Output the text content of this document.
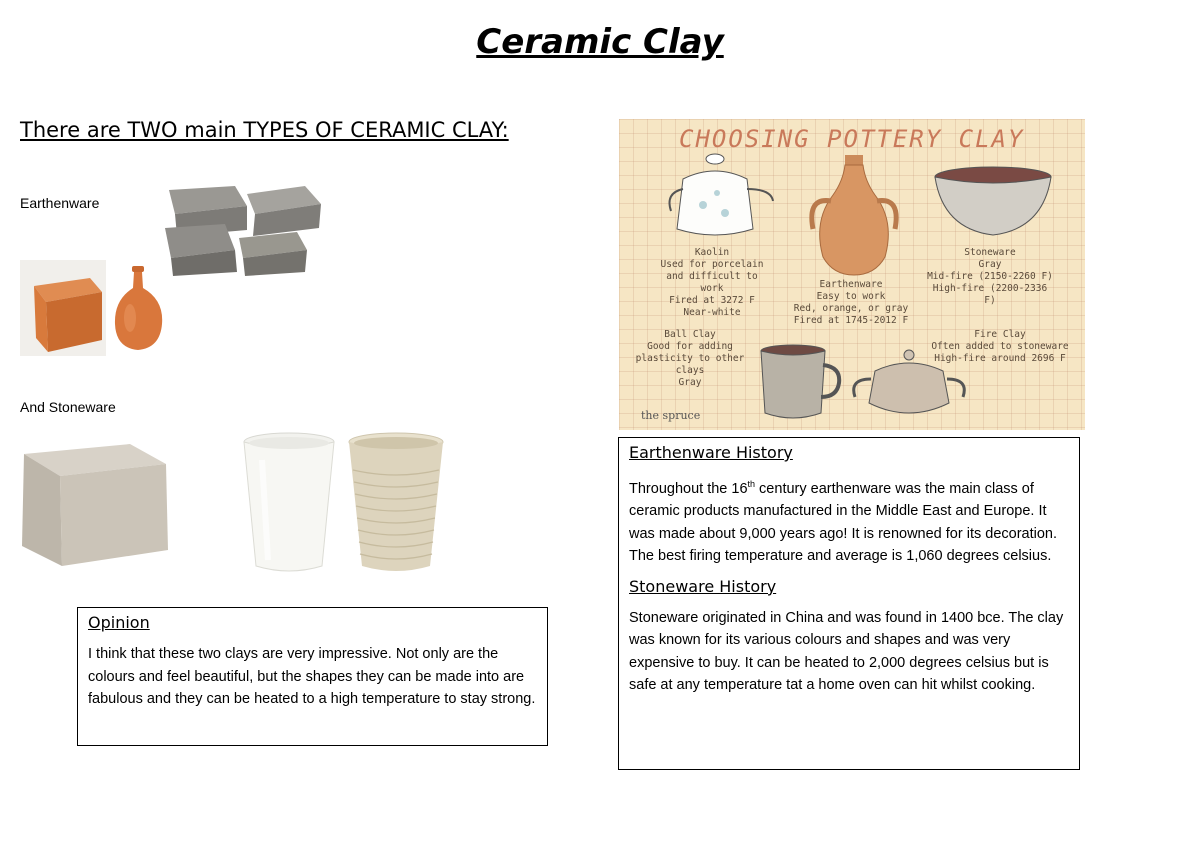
Ceramic Clay
There are TWO main TYPES OF CERAMIC CLAY:
Earthenware
And Stoneware
Opinion
I think that these two clays are very impressive. Not only are the colours and feel beautiful, but the shapes they can be made into are fabulous and they can be heated to a high temperature to stay strong.
CHOOSING POTTERY CLAY
Kaolin
Used for porcelain
and difficult to work
Fired at 3272 F
Near-white
Earthenware
Easy to work
Red, orange, or gray
Fired at 1745-2012 F
Stoneware
Gray
Mid-fire (2150-2260 F)
High-fire (2200-2336 F)
Ball Clay
Good for adding
plasticity to other clays
Gray
Fire Clay
Often added to stoneware
High-fire around 2696 F
the spruce
Earthenware History
Throughout the 16th century earthenware was the main class of ceramic products manufactured in the Middle East and Europe. It was made about 9,000 years ago! It is renowned for its decoration. The best firing temperature and average is 1,060 degrees celsius.
Stoneware History
Stoneware originated in China and was found in 1400 bce. The clay was known for its various colours and shapes and was very expensive to buy. It can be heated to 2,000 degrees celsius but is safe at any temperature tat a home oven can hit whilst cooking.
